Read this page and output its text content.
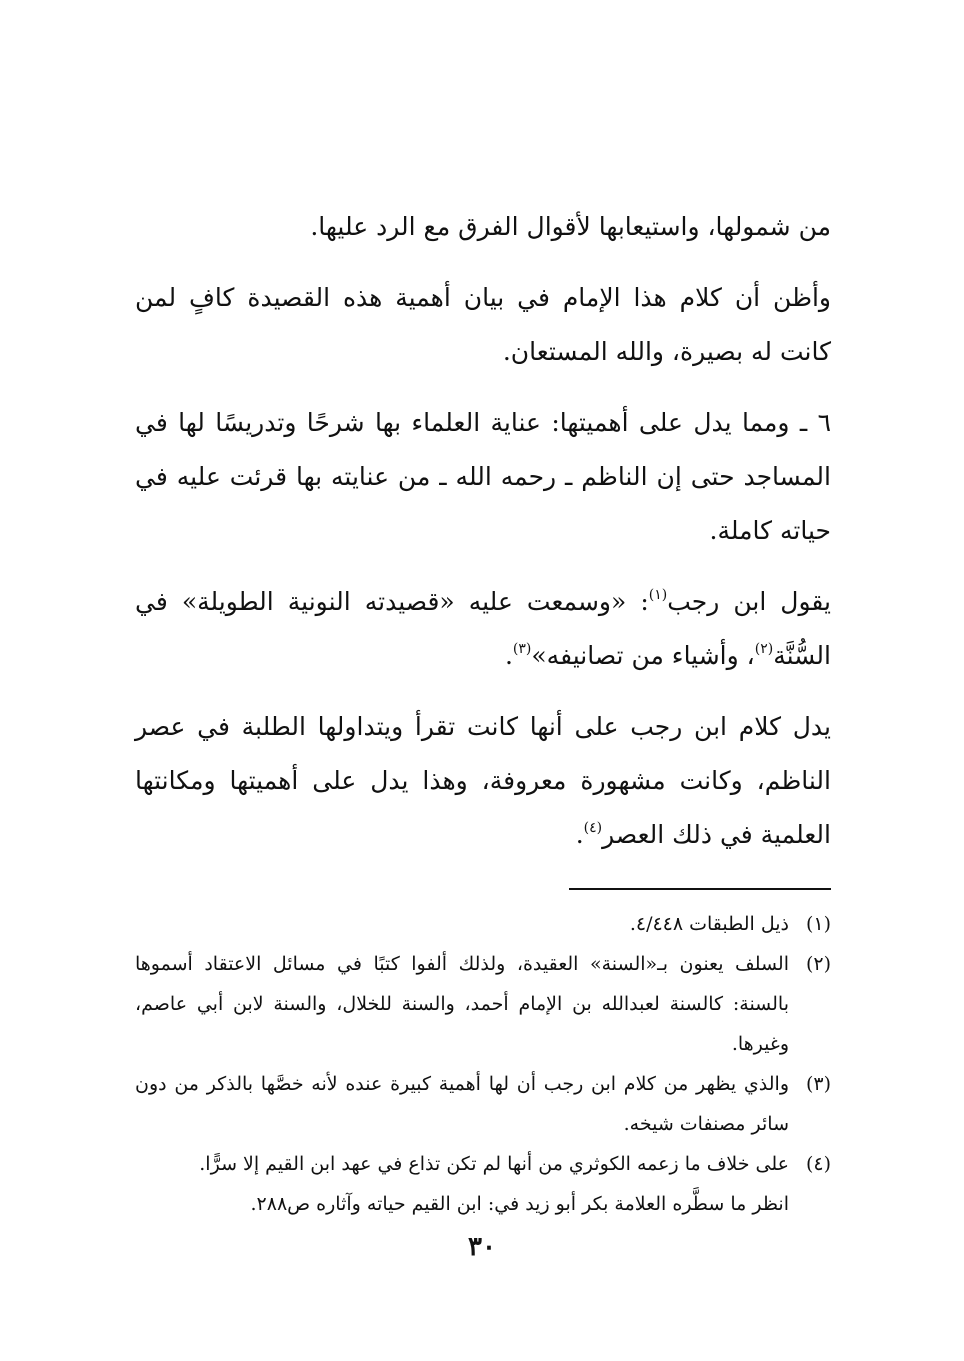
من شمولها، واستيعابها لأقوال الفرق مع الرد عليها.

وأظن أن كلام هذا الإمام في بيان أهمية هذه القصيدة كافٍ لمن كانت له بصيرة، والله المستعان.

٦ ـ ومما يدل على أهميتها: عناية العلماء بها شرحًا وتدريسًا لها في المساجد حتى إن الناظم ـ رحمه الله ـ من عنايته بها قرئت عليه في حياته كاملة.

يقول ابن رجب$^{(١)}$: «وسمعت عليه «قصيدته النونية الطويلة» في السُّنَّة$^{(٢)}$، وأشياء من تصانيفه»$^{(٣)}$.

يدل كلام ابن رجب على أنها كانت تقرأ ويتداولها الطلبة في عصر الناظم، وكانت مشهورة معروفة، وهذا يدل على أهميتها ومكانتها العلمية في ذلك العصر$^{(٤)}$.

(١)
ذيل الطبقات ٤/٤٤٨.
(٢)
السلف يعنون بـ«السنة» العقيدة، ولذلك ألفوا كتبًا في مسائل الاعتقاد أسموها بالسنة: كالسنة لعبدالله بن الإمام أحمد، والسنة للخلال، والسنة لابن أبي عاصم، وغيرها.
(٣)
والذي يظهر من كلام ابن رجب أن لها أهمية كبيرة عنده لأنه خصَّها بالذكر من دون سائر مصنفات شيخه.
(٤)
على خلاف ما زعمه الكوثري من أنها لم تكن تذاع في عهد ابن القيم إلا سرًّا.

انظر ما سطَّره العلامة بكر أبو زيد في: ابن القيم حياته وآثاره ص٢٨٨.

٣٠
